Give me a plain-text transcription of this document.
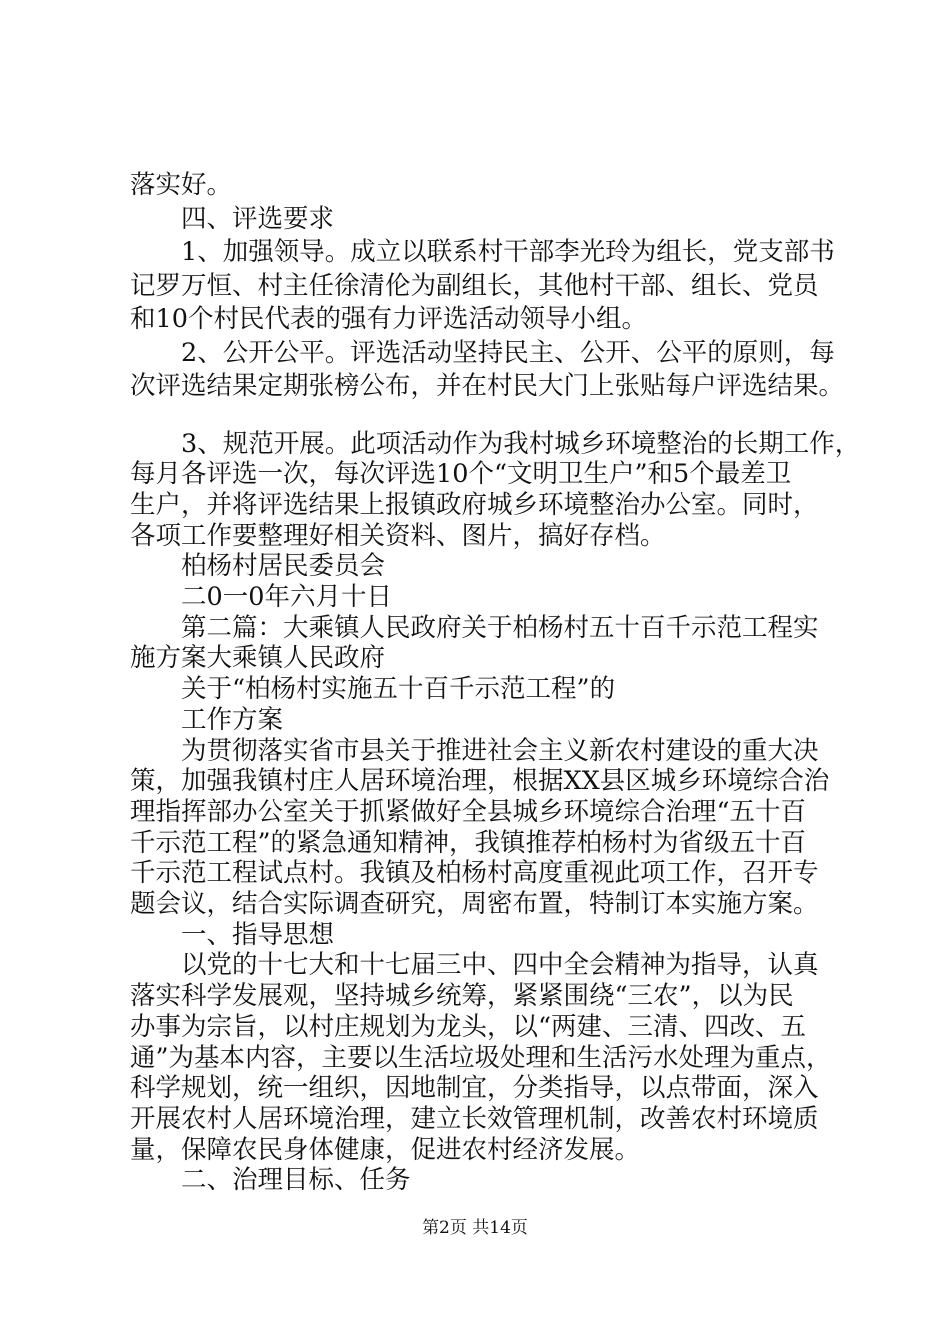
落实好。
　　四、评选要求
　　1、加强领导。成立以联系村干部李光玲为组长，党支部书
记罗万恒、村主任徐清伦为副组长，其他村干部、组长、党员
和10个村民代表的强有力评选活动领导小组。
　　2、公开公平。评选活动坚持民主、公开、公平的原则，每
次评选结果定期张榜公布，并在村民大门上张贴每户评选结果。
　　3、规范开展。此项活动作为我村城乡环境整治的长期工作，
每月各评选一次，每次评选10个“文明卫生户”和5个最差卫
生户，并将评选结果上报镇政府城乡环境整治办公室。同时，
各项工作要整理好相关资料、图片，搞好存档。
　　柏杨村居民委员会
　　二0一0年六月十日
　　第二篇：大乘镇人民政府关于柏杨村五十百千示范工程实
施方案大乘镇人民政府
　　关于“柏杨村实施五十百千示范工程”的
　　工作方案
　　为贯彻落实省市县关于推进社会主义新农村建设的重大决
策，加强我镇村庄人居环境治理，根据XX县区城乡环境综合治
理指挥部办公室关于抓紧做好全县城乡环境综合治理“五十百
千示范工程”的紧急通知精神，我镇推荐柏杨村为省级五十百
千示范工程试点村。我镇及柏杨村高度重视此项工作，召开专
题会议，结合实际调查研究，周密布置，特制订本实施方案。
　　一、指导思想
　　以党的十七大和十七届三中、四中全会精神为指导，认真
落实科学发展观，坚持城乡统筹，紧紧围绕“三农”，以为民
办事为宗旨，以村庄规划为龙头，以“两建、三清、四改、五
通”为基本内容，主要以生活垃圾处理和生活污水处理为重点，
科学规划，统一组织，因地制宜，分类指导，以点带面，深入
开展农村人居环境治理，建立长效管理机制，改善农村环境质
量，保障农民身体健康，促进农村经济发展。
　　二、治理目标、任务
第2页 共14页
